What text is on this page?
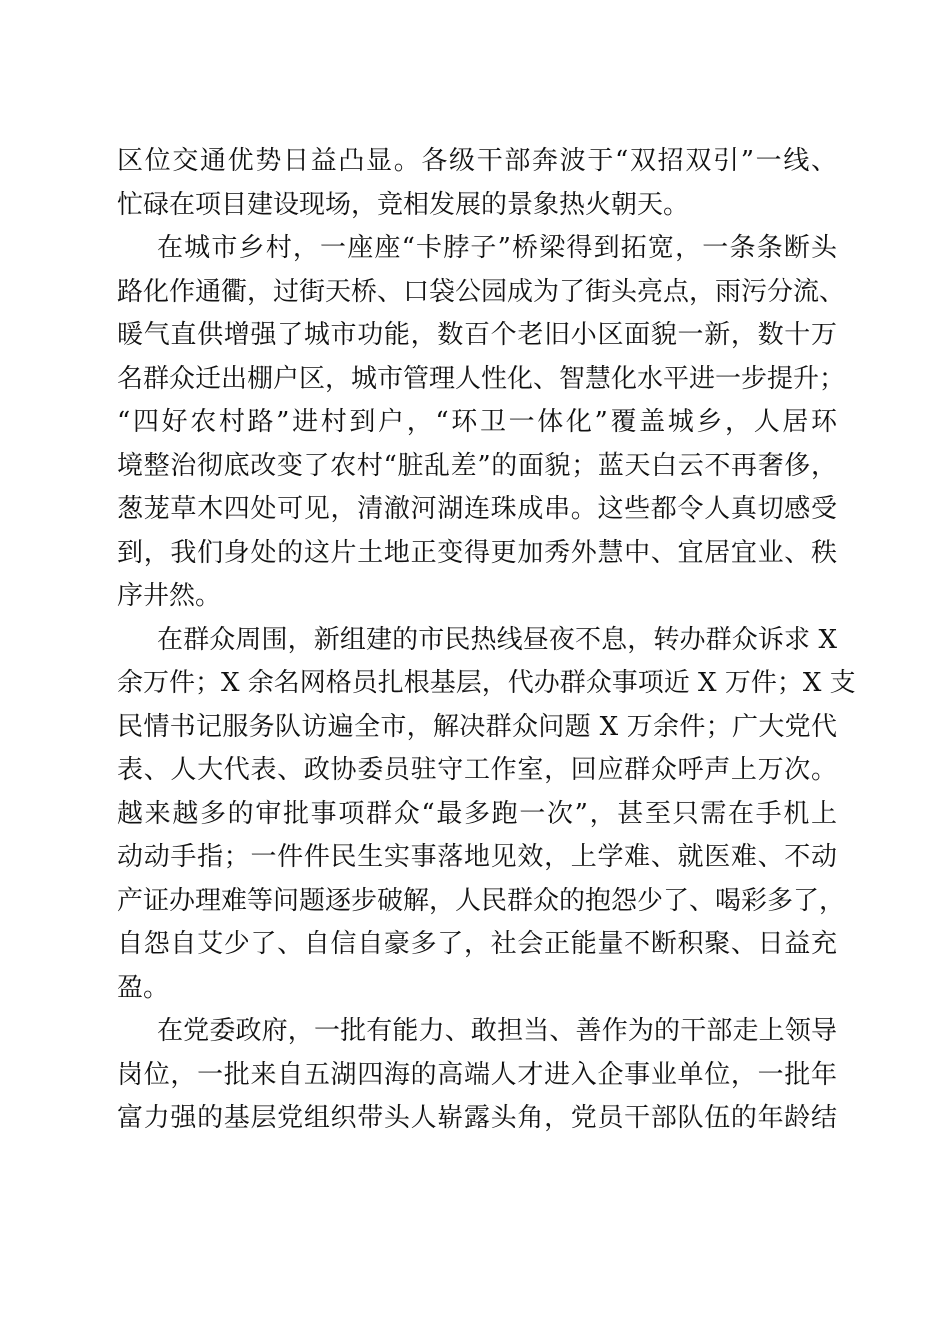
区位交通优势日益凸显。各级干部奔波于“双招双引”一线、
忙碌在项目建设现场，竞相发展的景象热火朝天。
在城市乡村，一座座“卡脖子”桥梁得到拓宽，一条条断头
路化作通衢，过街天桥、口袋公园成为了街头亮点，雨污分流、
暖气直供增强了城市功能，数百个老旧小区面貌一新，数十万
名群众迁出棚户区，城市管理人性化、智慧化水平进一步提升；
“四好农村路”进村到户，“环卫一体化”覆盖城乡，人居环
境整治彻底改变了农村“脏乱差”的面貌；蓝天白云不再奢侈，
葱茏草木四处可见，清澈河湖连珠成串。这些都令人真切感受
到，我们身处的这片土地正变得更加秀外慧中、宜居宜业、秩
序井然。
在群众周围，新组建的市民热线昼夜不息，转办群众诉求 X
余万件；X 余名网格员扎根基层，代办群众事项近 X 万件；X 支
民情书记服务队访遍全市，解决群众问题 X 万余件；广大党代
表、人大代表、政协委员驻守工作室，回应群众呼声上万次。
越来越多的审批事项群众“最多跑一次”，甚至只需在手机上
动动手指；一件件民生实事落地见效，上学难、就医难、不动
产证办理难等问题逐步破解，人民群众的抱怨少了、喝彩多了，
自怨自艾少了、自信自豪多了，社会正能量不断积聚、日益充
盈。
在党委政府，一批有能力、敢担当、善作为的干部走上领导
岗位，一批来自五湖四海的高端人才进入企事业单位，一批年
富力强的基层党组织带头人崭露头角，党员干部队伍的年龄结
